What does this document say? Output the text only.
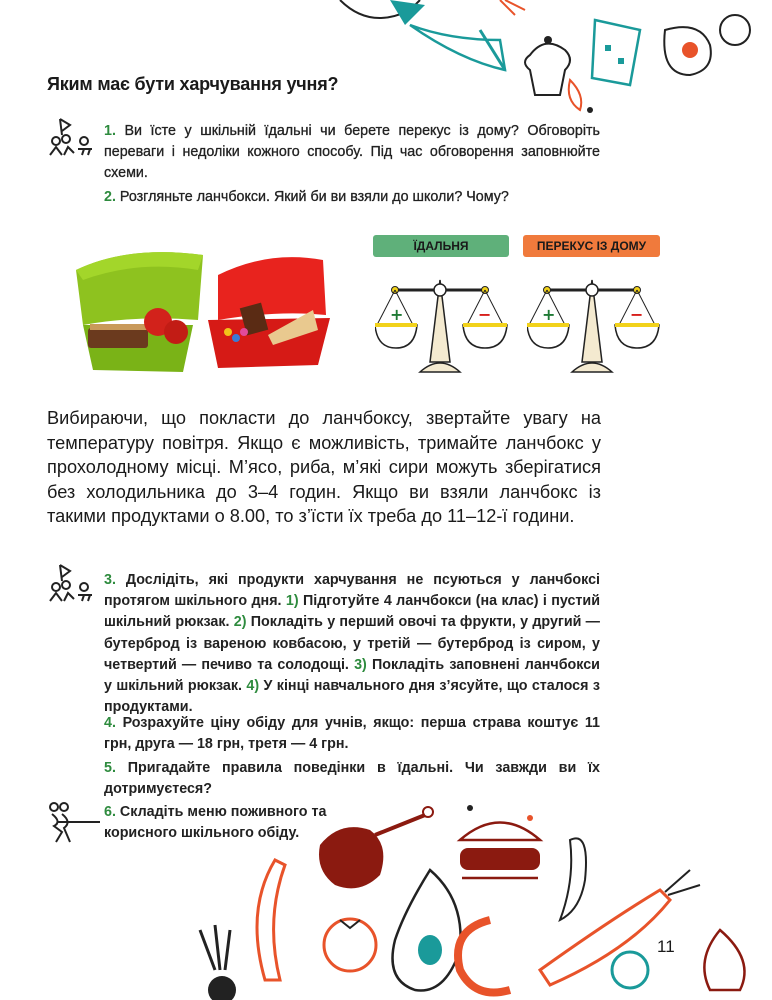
Яким має бути харчування учня?
1. Ви їсте у шкільній їдальні чи берете перекус із дому? Обговоріть переваги і недоліки кожного способу. Під час обговорення заповнюйте схеми.
2. Розгляньте ланчбокси. Який би ви взяли до школи? Чому?
ЇДАЛЬНЯ	ПЕРЕКУС ІЗ ДОМУ
+	−	+	−
Вибираючи, що покласти до ланчбоксу, звертайте увагу на температуру повітря. Якщо є можливість, тримайте ланчбокс у прохолодному місці. М’ясо, риба, м’які сири можуть зберігатися без холодильника до 3–4 годин. Якщо ви взяли ланчбокс із такими продуктами о 8.00, то з’їсти їх треба до 11–12-ї години.
3. Дослідіть, які продукти харчування не псуються у ланчбоксі протягом шкільного дня. 1) Підготуйте 4 ланчбокси (на клас) і пустий шкільний рюкзак. 2) Покладіть у перший овочі та фрукти, у другий — бутерброд із вареною ковбасою, у третій — бутерброд із сиром, у четвертий — печиво та солодощі. 3) Покладіть заповнені ланчбокси у шкільний рюкзак. 4) У кінці навчального дня з’ясуйте, що сталося з продуктами.
4. Розрахуйте ціну обіду для учнів, якщо: перша страва коштує 11 грн, друга — 18 грн, третя — 4 грн.
5. Пригадайте правила поведінки в їдальні. Чи завжди ви їх дотримуєтеся?
6. Складіть меню поживного та корисного шкільного обіду.
11
